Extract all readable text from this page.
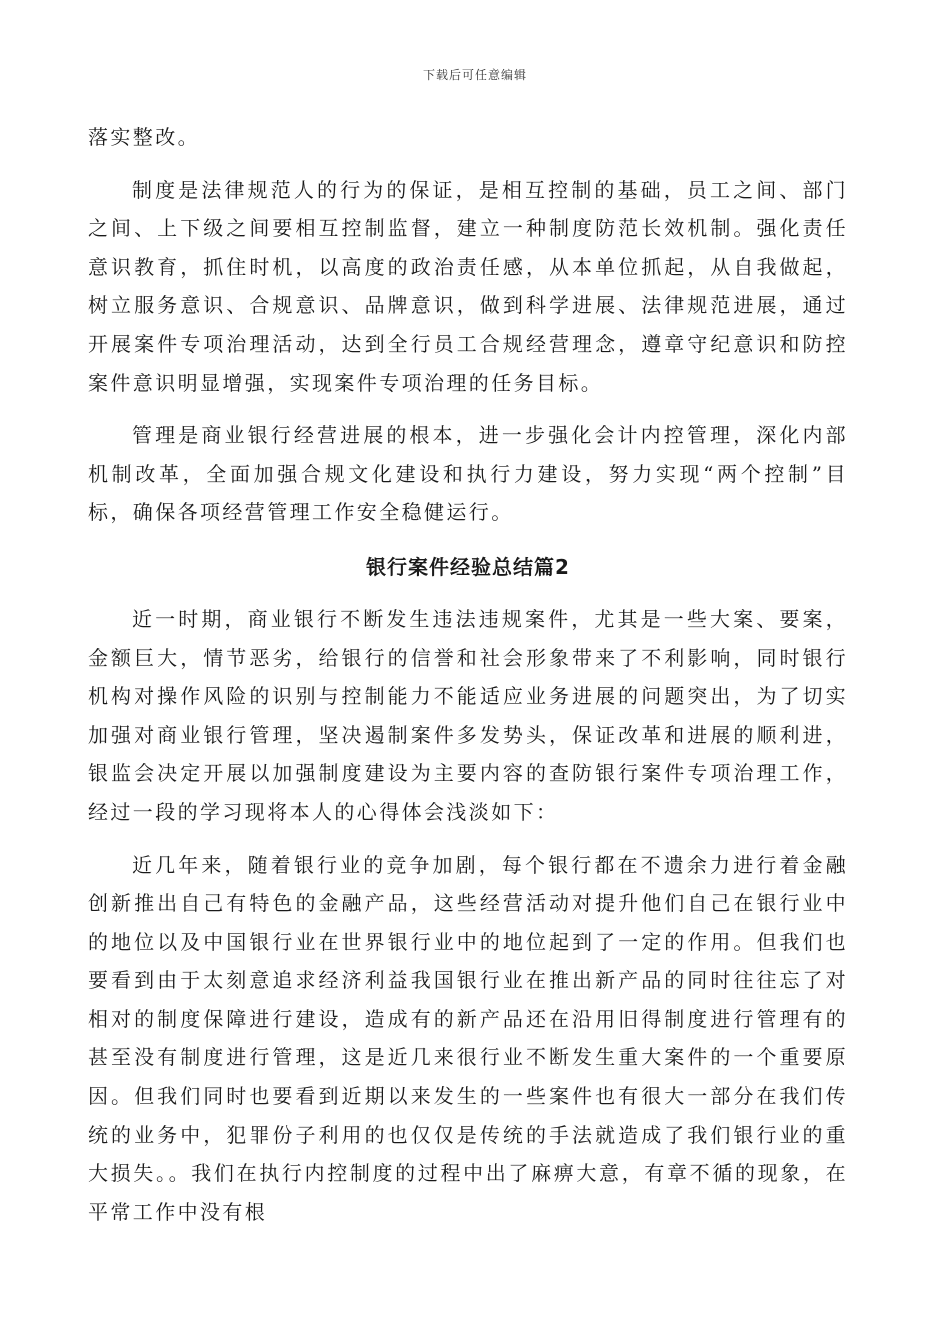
下载后可任意编辑

落实整改。

制度是法律规范人的行为的保证，是相互控制的基础，员工之间、部门之间、上下级之间要相互控制监督，建立一种制度防范长效机制。强化责任意识教育，抓住时机，以高度的政治责任感，从本单位抓起，从自我做起，树立服务意识、合规意识、品牌意识，做到科学进展、法律规范进展，通过开展案件专项治理活动，达到全行员工合规经营理念，遵章守纪意识和防控案件意识明显增强，实现案件专项治理的任务目标。

管理是商业银行经营进展的根本，进一步强化会计内控管理，深化内部机制改革，全面加强合规文化建设和执行力建设，努力实现“两个控制”目标，确保各项经营管理工作安全稳健运行。

银行案件经验总结篇2

近一时期，商业银行不断发生违法违规案件，尤其是一些大案、要案，金额巨大，情节恶劣，给银行的信誉和社会形象带来了不利影响，同时银行机构对操作风险的识别与控制能力不能适应业务进展的问题突出，为了切实加强对商业银行管理，坚决遏制案件多发势头，保证改革和进展的顺利进，银监会决定开展以加强制度建设为主要内容的查防银行案件专项治理工作，经过一段的学习现将本人的心得体会浅淡如下：

近几年来，随着银行业的竞争加剧，每个银行都在不遗余力进行着金融创新推出自己有特色的金融产品，这些经营活动对提升他们自己在银行业中的地位以及中国银行业在世界银行业中的地位起到了一定的作用。但我们也要看到由于太刻意追求经济利益我国银行业在推出新产品的同时往往忘了对相对的制度保障进行建设，造成有的新产品还在沿用旧得制度进行管理有的甚至没有制度进行管理，这是近几来很行业不断发生重大案件的一个重要原因。但我们同时也要看到近期以来发生的一些案件也有很大一部分在我们传统的业务中，犯罪份子利用的也仅仅是传统的手法就造成了我们银行业的重大损失。。我们在执行内控制度的过程中出了麻痹大意，有章不循的现象，在平常工作中没有根
